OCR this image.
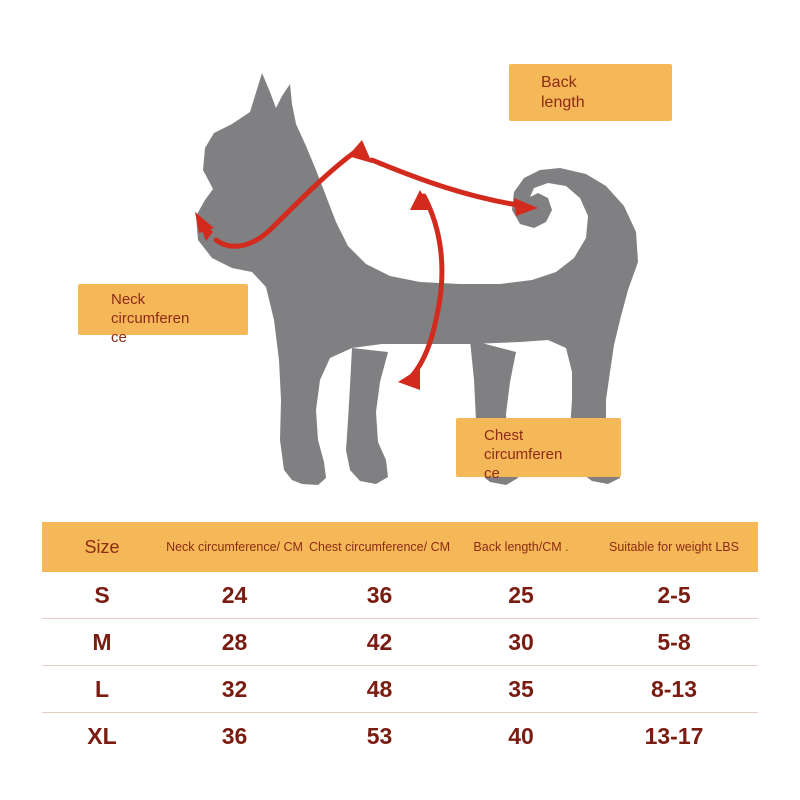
Back
length
Neck
circumferen
ce
Chest
circumferen
ce
Size	Neck circumference/ CM	Chest circumference/ CM	Back length/CM .	Suitable for weight LBS
S	24	36	25	2-5
M	28	42	30	5-8
L	32	48	35	8-13
XL	36	53	40	13-17
